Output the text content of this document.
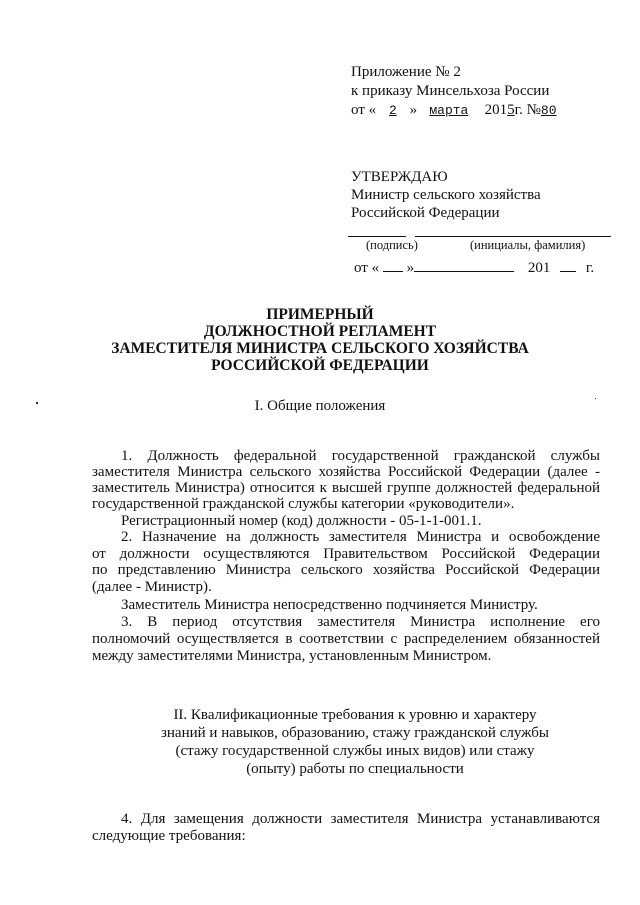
Приложение № 2
к приказу Минсельхоза России
от « 2 » марта 2015г. №80
УТВЕРЖДАЮ
Министр сельского хозяйства
Российской Федерации
(подпись)	(инициалы, фамилия)
от « »	201 г.
ПРИМЕРНЫЙ
ДОЛЖНОСТНОЙ РЕГЛАМЕНТ
ЗАМЕСТИТЕЛЯ МИНИСТРА СЕЛЬСКОГО ХОЗЯЙСТВА
РОССИЙСКОЙ ФЕДЕРАЦИИ
I. Общие положения
1. Должность федеральной государственной гражданской службы
заместителя Министра сельского хозяйства Российской Федерации (далее -
заместитель Министра) относится к высшей группе должностей федеральной
государственной гражданской службы категории «руководители».
Регистрационный номер (код) должности - 05-1-1-001.1.
2. Назначение на должность заместителя Министра и освобождение
от должности осуществляются Правительством Российской Федерации
по представлению Министра сельского хозяйства Российской Федерации
(далее - Министр).
Заместитель Министра непосредственно подчиняется Министру.
3. В период отсутствия заместителя Министра исполнение его
полномочий осуществляется в соответствии с распределением обязанностей
между заместителями Министра, установленным Министром.
II. Квалификационные требования к уровню и характеру
знаний и навыков, образованию, стажу гражданской службы
(стажу государственной службы иных видов) или стажу
(опыту) работы по специальности
4. Для замещения должности заместителя Министра устанавливаются
следующие требования:
